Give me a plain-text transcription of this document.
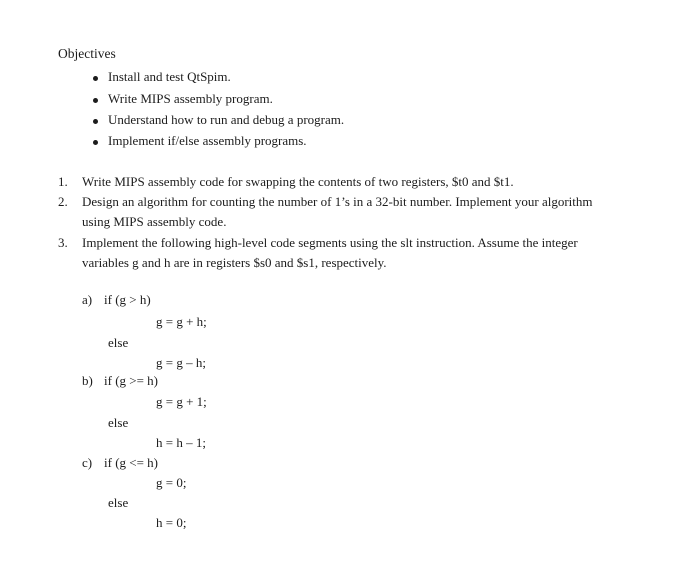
Objectives
Install and test QtSpim.
Write MIPS assembly program.
Understand how to run and debug a program.
Implement if/else assembly programs.
1. Write MIPS assembly code for swapping the contents of two registers, $t0 and $t1.
2. Design an algorithm for counting the number of 1’s in a 32-bit number. Implement your algorithm
using MIPS assembly code.
3. Implement the following high-level code segments using the slt instruction. Assume the integer
variables g and h are in registers $s0 and $s1, respectively.
a) if (g > h)
g = g + h;
else
g = g – h;
b) if (g >= h)
g = g + 1;
else
h = h – 1;
c) if (g <= h)
g = 0;
else
h = 0;
